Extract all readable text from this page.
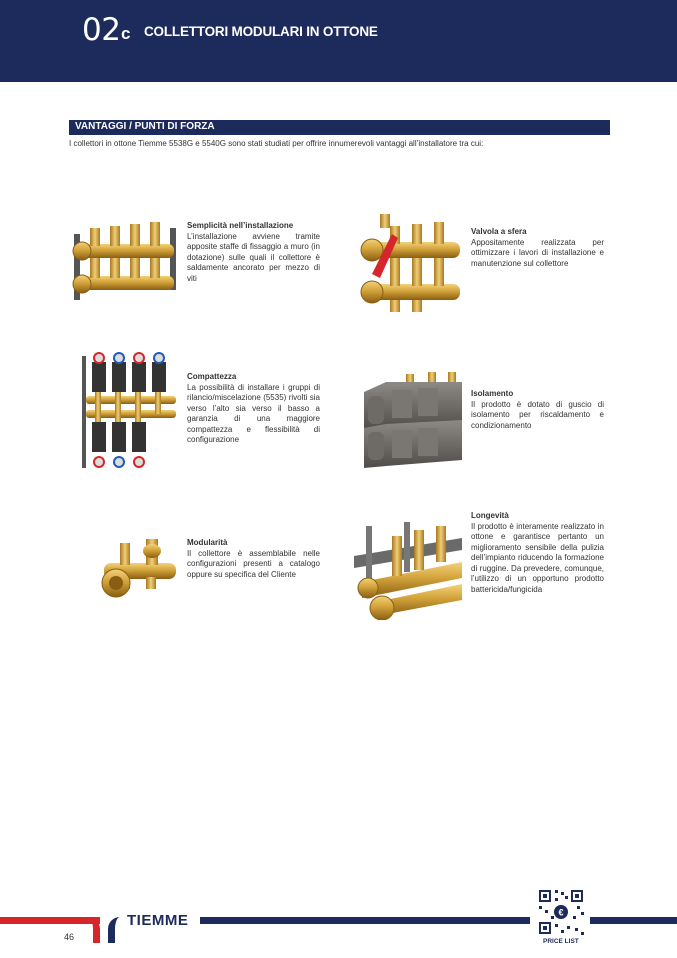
02 c COLLETTORI MODULARI IN OTTONE
VANTAGGI / PUNTI DI FORZA
I collettori in ottone Tiemme 5538G e 5540G sono stati studiati per offrire innumerevoli vantaggi all’installatore tra cui:
Semplicità nell’installazione
L’installazione avviene tramite apposite staffe di fissaggio a muro (in dotazione) sulle quali il collettore è saldamente ancorato per mezzo di viti
Valvola a sfera
Appositamente realizzata per ottimizzare i lavori di installazione e manutenzione sul collettore
Compattezza
La possibilità di installare i gruppi di rilancio/miscelazione (5535) rivolti sia verso l’alto sia verso il basso a garanzia di una maggiore compattezza e flessibilità di configurazione
Isolamento
Il prodotto è dotato di guscio di isolamento per riscaldamento e condizionamento
Modularità
Il collettore è assemblabile nelle configurazioni presenti a catalogo oppure su specifica del Cliente
Longevità
Il prodotto è interamente realizzato in ottone e garantisce pertanto un miglioramento sensibile della pulizia dell’impianto riducendo la formazione di ruggine. Da prevedere, comunque, l’utilizzo di un opportuno prodotto battericida/fungicida
TIEMME
46
€
PRICE LIST
